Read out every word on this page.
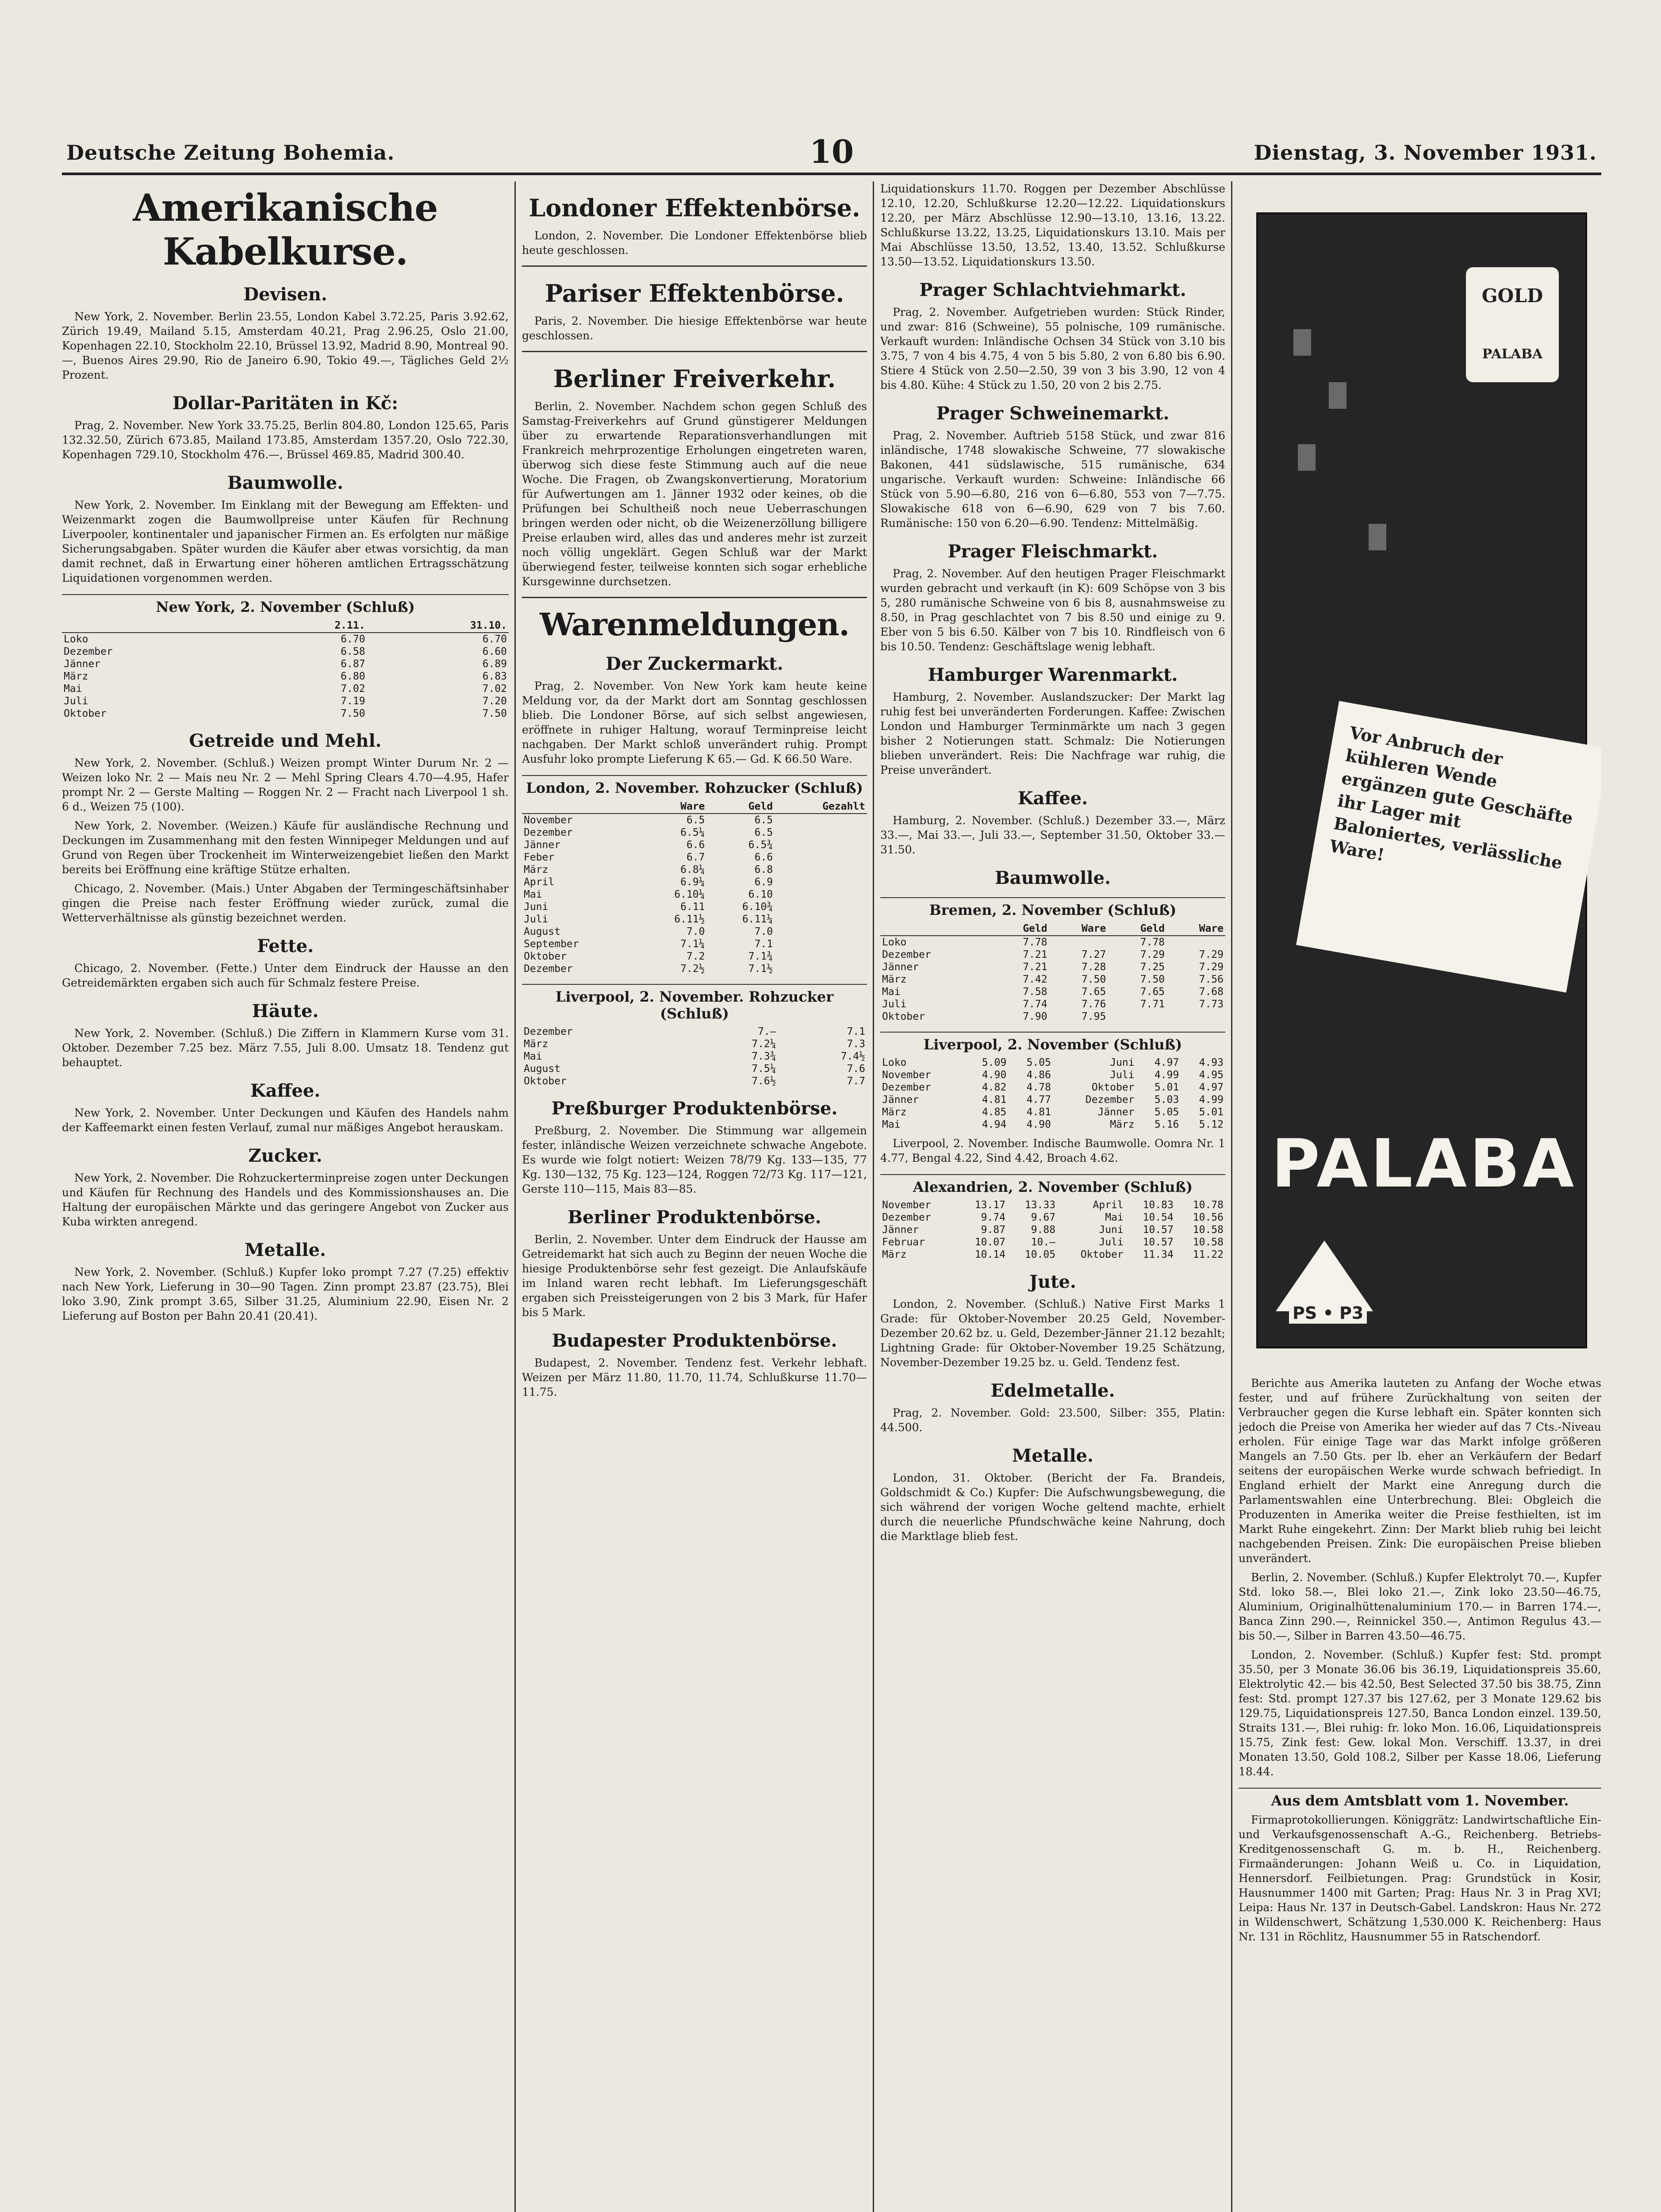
Deutsche Zeitung Bohemia.	10	Dienstag, 3. November 1931.
Amerikanische Kabelkurse.
Devisen.

New York, 2. November. Berlin 23.55, London Kabel 3.72.25, Paris 3.92.62, Zürich 19.49, Mailand 5.15, Amsterdam 40.21, Prag 2.96.25, Oslo 21.00, Kopenhagen 22.10, Stockholm 22.10, Brüssel 13.92, Madrid 8.90, Montreal 90.—, Buenos Aires 29.90, Rio de Janeiro 6.90, Tokio 49.—, Tägliches Geld 2½ Prozent.

Dollar-Paritäten in Kč:

Prag, 2. November. New York 33.75.25, Berlin 804.80, London 125.65, Paris 132.32.50, Zürich 673.85, Mailand 173.85, Amsterdam 1357.20, Oslo 722.30, Kopenhagen 729.10, Stockholm 476.—, Brüssel 469.85, Madrid 300.40.

Baumwolle.

New York, 2. November. Im Einklang mit der Bewegung am Effekten- und Weizenmarkt zogen die Baumwollpreise unter Käufen für Rechnung Liverpooler, kontinentaler und japanischer Firmen an. Es erfolgten nur mäßige Sicherungsabgaben. Später wurden die Käufer aber etwas vorsichtig, da man damit rechnet, daß in Erwartung einer höheren amtlichen Ertragsschätzung Liquidationen vorgenommen werden.

New York, 2. November (Schluß)
	2.11.	31.10.
Loko	6.70	6.70
Dezember	6.58	6.60
Jänner	6.87	6.89
März	6.80	6.83
Mai	7.02	7.02
Juli	7.19	7.20
Oktober	7.50	7.50
Getreide und Mehl.

New York, 2. November. (Schluß.) Weizen prompt Winter Durum Nr. 2 — Weizen loko Nr. 2 — Mais neu Nr. 2 — Mehl Spring Clears 4.70—4.95, Hafer prompt Nr. 2 — Gerste Malting — Roggen Nr. 2 — Fracht nach Liverpool 1 sh. 6 d., Weizen 75 (100).

New York, 2. November. (Weizen.) Käufe für ausländische Rechnung und Deckungen im Zusammenhang mit den festen Winnipeger Meldungen und auf Grund von Regen über Trockenheit im Winterweizengebiet ließen den Markt bereits bei Eröffnung eine kräftige Stütze erhalten.

Chicago, 2. November. (Mais.) Unter Abgaben der Termingeschäftsinhaber gingen die Preise nach fester Eröffnung wieder zurück, zumal die Wetterverhältnisse als günstig bezeichnet werden.

Fette.

Chicago, 2. November. (Fette.) Unter dem Eindruck der Hausse an den Getreidemärkten ergaben sich auch für Schmalz festere Preise.

Häute.

New York, 2. November. (Schluß.) Die Ziffern in Klammern Kurse vom 31. Oktober. Dezember 7.25 bez. März 7.55, Juli 8.00. Umsatz 18. Tendenz gut behauptet.

Kaffee.

New York, 2. November. Unter Deckungen und Käufen des Handels nahm der Kaffeemarkt einen festen Verlauf, zumal nur mäßiges Angebot herauskam.

Zucker.

New York, 2. November. Die Rohzuckerterminpreise zogen unter Deckungen und Käufen für Rechnung des Handels und des Kommissionshauses an. Die Haltung der europäischen Märkte und das geringere Angebot von Zucker aus Kuba wirkten anregend.

Metalle.

New York, 2. November. (Schluß.) Kupfer loko prompt 7.27 (7.25) effektiv nach New York, Lieferung in 30—90 Tagen. Zinn prompt 23.87 (23.75), Blei loko 3.90, Zink prompt 3.65, Silber 31.25, Aluminium 22.90, Eisen Nr. 2 Lieferung auf Boston per Bahn 20.41 (20.41).

Londoner Effektenbörse.

London, 2. November. Die Londoner Effektenbörse blieb heute geschlossen.

Pariser Effektenbörse.

Paris, 2. November. Die hiesige Effektenbörse war heute geschlossen.

Berliner Freiverkehr.

Berlin, 2. November. Nachdem schon gegen Schluß des Samstag-Freiverkehrs auf Grund günstigerer Meldungen über zu erwartende Reparationsverhandlungen mit Frankreich mehrprozentige Erholungen eingetreten waren, überwog sich diese feste Stimmung auch auf die neue Woche. Die Fragen, ob Zwangskonvertierung, Moratorium für Aufwertungen am 1. Jänner 1932 oder keines, ob die Prüfungen bei Schultheiß noch neue Ueberraschungen bringen werden oder nicht, ob die Weizenerzöllung billigere Preise erlauben wird, alles das und anderes mehr ist zurzeit noch völlig ungeklärt. Gegen Schluß war der Markt überwiegend fester, teilweise konnten sich sogar erhebliche Kursgewinne durchsetzen.

Warenmeldungen.
Der Zuckermarkt.

Prag, 2. November. Von New York kam heute keine Meldung vor, da der Markt dort am Sonntag geschlossen blieb. Die Londoner Börse, auf sich selbst angewiesen, eröffnete in ruhiger Haltung, worauf Terminpreise leicht nachgaben. Der Markt schloß unverändert ruhig. Prompt Ausfuhr loko prompte Lieferung K 65.— Gd. K 66.50 Ware.

London, 2. November. Rohzucker (Schluß)
	Ware	Geld	Gezahlt
November	6.5	6.5	
Dezember	6.5¼	6.5	
Jänner	6.6	6.5¾	
Feber	6.7	6.6	
März	6.8¼	6.8	
April	6.9¼	6.9	
Mai	6.10¼	6.10	
Juni	6.11	6.10¾	
Juli	6.11½	6.11¼	
August	7.0	7.0	
September	7.1¼	7.1	
Oktober	7.2	7.1¾	
Dezember	7.2½	7.1½	
Liverpool, 2. November. Rohzucker (Schluß)
Dezember	7.—	7.1
März	7.2¼	7.3
Mai	7.3¾	7.4½
August	7.5¼	7.6
Oktober	7.6½	7.7
Preßburger Produktenbörse.

Preßburg, 2. November. Die Stimmung war allgemein fester, inländische Weizen verzeichnete schwache Angebote. Es wurde wie folgt notiert: Weizen 78/79 Kg. 133—135, 77 Kg. 130—132, 75 Kg. 123—124, Roggen 72/73 Kg. 117—121, Gerste 110—115, Mais 83—85.

Berliner Produktenbörse.

Berlin, 2. November. Unter dem Eindruck der Hausse am Getreidemarkt hat sich auch zu Beginn der neuen Woche die hiesige Produktenbörse sehr fest gezeigt. Die Anlaufskäufe im Inland waren recht lebhaft. Im Lieferungsgeschäft ergaben sich Preissteigerungen von 2 bis 3 Mark, für Hafer bis 5 Mark.

Budapester Produktenbörse.

Budapest, 2. November. Tendenz fest. Verkehr lebhaft. Weizen per März 11.80, 11.70, 11.74, Schlußkurse 11.70—11.75.

Liquidationskurs 11.70. Roggen per Dezember Abschlüsse 12.10, 12.20, Schlußkurse 12.20—12.22. Liquidationskurs 12.20, per März Abschlüsse 12.90—13.10, 13.16, 13.22. Schlußkurse 13.22, 13.25, Liquidationskurs 13.10. Mais per Mai Abschlüsse 13.50, 13.52, 13.40, 13.52. Schlußkurse 13.50—13.52. Liquidationskurs 13.50.

Prager Schlachtviehmarkt.

Prag, 2. November. Aufgetrieben wurden: Stück Rinder, und zwar: 816 (Schweine), 55 polnische, 109 rumänische. Verkauft wurden: Inländische Ochsen 34 Stück von 3.10 bis 3.75, 7 von 4 bis 4.75, 4 von 5 bis 5.80, 2 von 6.80 bis 6.90. Stiere 4 Stück von 2.50—2.50, 39 von 3 bis 3.90, 12 von 4 bis 4.80. Kühe: 4 Stück zu 1.50, 20 von 2 bis 2.75.

Prager Schweinemarkt.

Prag, 2. November. Auftrieb 5158 Stück, und zwar 816 inländische, 1748 slowakische Schweine, 77 slowakische Bakonen, 441 südslawische, 515 rumänische, 634 ungarische. Verkauft wurden: Schweine: Inländische 66 Stück von 5.90—6.80, 216 von 6—6.80, 553 von 7—7.75. Slowakische 618 von 6—6.90, 629 von 7 bis 7.60. Rumänische: 150 von 6.20—6.90. Tendenz: Mittelmäßig.

Prager Fleischmarkt.

Prag, 2. November. Auf den heutigen Prager Fleischmarkt wurden gebracht und verkauft (in K): 609 Schöpse von 3 bis 5, 280 rumänische Schweine von 6 bis 8, ausnahmsweise zu 8.50, in Prag geschlachtet von 7 bis 8.50 und einige zu 9. Eber von 5 bis 6.50. Kälber von 7 bis 10. Rindfleisch von 6 bis 10.50. Tendenz: Geschäftslage wenig lebhaft.

Hamburger Warenmarkt.

Hamburg, 2. November. Auslandszucker: Der Markt lag ruhig fest bei unveränderten Forderungen. Kaffee: Zwischen London und Hamburger Terminmärkte um nach 3 gegen bisher 2 Notierungen statt. Schmalz: Die Notierungen blieben unverändert. Reis: Die Nachfrage war ruhig, die Preise unverändert.

Kaffee.

Hamburg, 2. November. (Schluß.) Dezember 33.—, März 33.—, Mai 33.—, Juli 33.—, September 31.50, Oktober 33.— 31.50.

Baumwolle.
Bremen, 2. November (Schluß)
	Geld	Ware	Geld	Ware
Loko	7.78		7.78	
Dezember	7.21	7.27	7.29	7.29
Jänner	7.21	7.28	7.25	7.29
März	7.42	7.50	7.50	7.56
Mai	7.58	7.65	7.65	7.68
Juli	7.74	7.76	7.71	7.73
Oktober	7.90	7.95		
Liverpool, 2. November (Schluß)
Loko	5.09	5.05	Juni	4.97	4.93
November	4.90	4.86	Juli	4.99	4.95
Dezember	4.82	4.78	Oktober	5.01	4.97
Jänner	4.81	4.77	Dezember	5.03	4.99
März	4.85	4.81	Jänner	5.05	5.01
Mai	4.94	4.90	März	5.16	5.12

Liverpool, 2. November. Indische Baumwolle. Oomra Nr. 1 4.77, Bengal 4.22, Sind 4.42, Broach 4.62.

Alexandrien, 2. November (Schluß)
November	13.17	13.33	April	10.83	10.78
Dezember	9.74	9.67	Mai	10.54	10.56
Jänner	9.87	9.88	Juni	10.57	10.58
Februar	10.07	10.—	Juli	10.57	10.58
März	10.14	10.05	Oktober	11.34	11.22
Jute.

London, 2. November. (Schluß.) Native First Marks 1 Grade: für Oktober-November 20.25 Geld, November-Dezember 20.62 bz. u. Geld, Dezember-Jänner 21.12 bezahlt; Lightning Grade: für Oktober-November 19.25 Schätzung, November-Dezember 19.25 bz. u. Geld. Tendenz fest.

Edelmetalle.

Prag, 2. November. Gold: 23.500, Silber: 355, Platin: 44.500.

Metalle.

London, 31. Oktober. (Bericht der Fa. Brandeis, Goldschmidt & Co.) Kupfer: Die Aufschwungsbewegung, die sich während der vorigen Woche geltend machte, erhielt durch die neuerliche Pfundschwäche keine Nahrung, doch die Marktlage blieb fest.

GOLD
PALABA
Vor Anbruch der kühleren Wende ergänzen gute Geschäfte ihr Lager mit Baloniertes, verlässliche Ware!
PALABA
PS • P3

Berichte aus Amerika lauteten zu Anfang der Woche etwas fester, und auf frühere Zurückhaltung von seiten der Verbraucher gegen die Kurse lebhaft ein. Später konnten sich jedoch die Preise von Amerika her wieder auf das 7 Cts.-Niveau erholen. Für einige Tage war das Markt infolge größeren Mangels an 7.50 Gts. per lb. eher an Verkäufern der Bedarf seitens der europäischen Werke wurde schwach befriedigt. In England erhielt der Markt eine Anregung durch die Parlamentswahlen eine Unterbrechung. Blei: Obgleich die Produzenten in Amerika weiter die Preise festhielten, ist im Markt Ruhe eingekehrt. Zinn: Der Markt blieb ruhig bei leicht nachgebenden Preisen. Zink: Die europäischen Preise blieben unverändert.

Berlin, 2. November. (Schluß.) Kupfer Elektrolyt 70.—, Kupfer Std. loko 58.—, Blei loko 21.—, Zink loko 23.50—46.75, Aluminium, Originalhüttenaluminium 170.— in Barren 174.—, Banca Zinn 290.—, Reinnickel 350.—, Antimon Regulus 43.— bis 50.—, Silber in Barren 43.50—46.75.

London, 2. November. (Schluß.) Kupfer fest: Std. prompt 35.50, per 3 Monate 36.06 bis 36.19, Liquidationspreis 35.60, Elektrolytic 42.— bis 42.50, Best Selected 37.50 bis 38.75, Zinn fest: Std. prompt 127.37 bis 127.62, per 3 Monate 129.62 bis 129.75, Liquidationspreis 127.50, Banca London einzel. 139.50, Straits 131.—, Blei ruhig: fr. loko Mon. 16.06, Liquidationspreis 15.75, Zink fest: Gew. lokal Mon. Verschiff. 13.37, in drei Monaten 13.50, Gold 108.2, Silber per Kasse 18.06, Lieferung 18.44.

Aus dem Amtsblatt vom 1. November.

Firmaprotokollierungen. Königgrätz: Landwirtschaftliche Ein- und Verkaufsgenossenschaft A.-G., Reichenberg. Betriebs-Kreditgenossenschaft G. m. b. H., Reichenberg. Firmaänderungen: Johann Weiß u. Co. in Liquidation, Hennersdorf. Feilbietungen. Prag: Grundstück in Kosir, Hausnummer 1400 mit Garten; Prag: Haus Nr. 3 in Prag XVI; Leipa: Haus Nr. 137 in Deutsch-Gabel. Landskron: Haus Nr. 272 in Wildenschwert, Schätzung 1,530.000 K. Reichenberg: Haus Nr. 131 in Röchlitz, Hausnummer 55 in Ratschendorf.
